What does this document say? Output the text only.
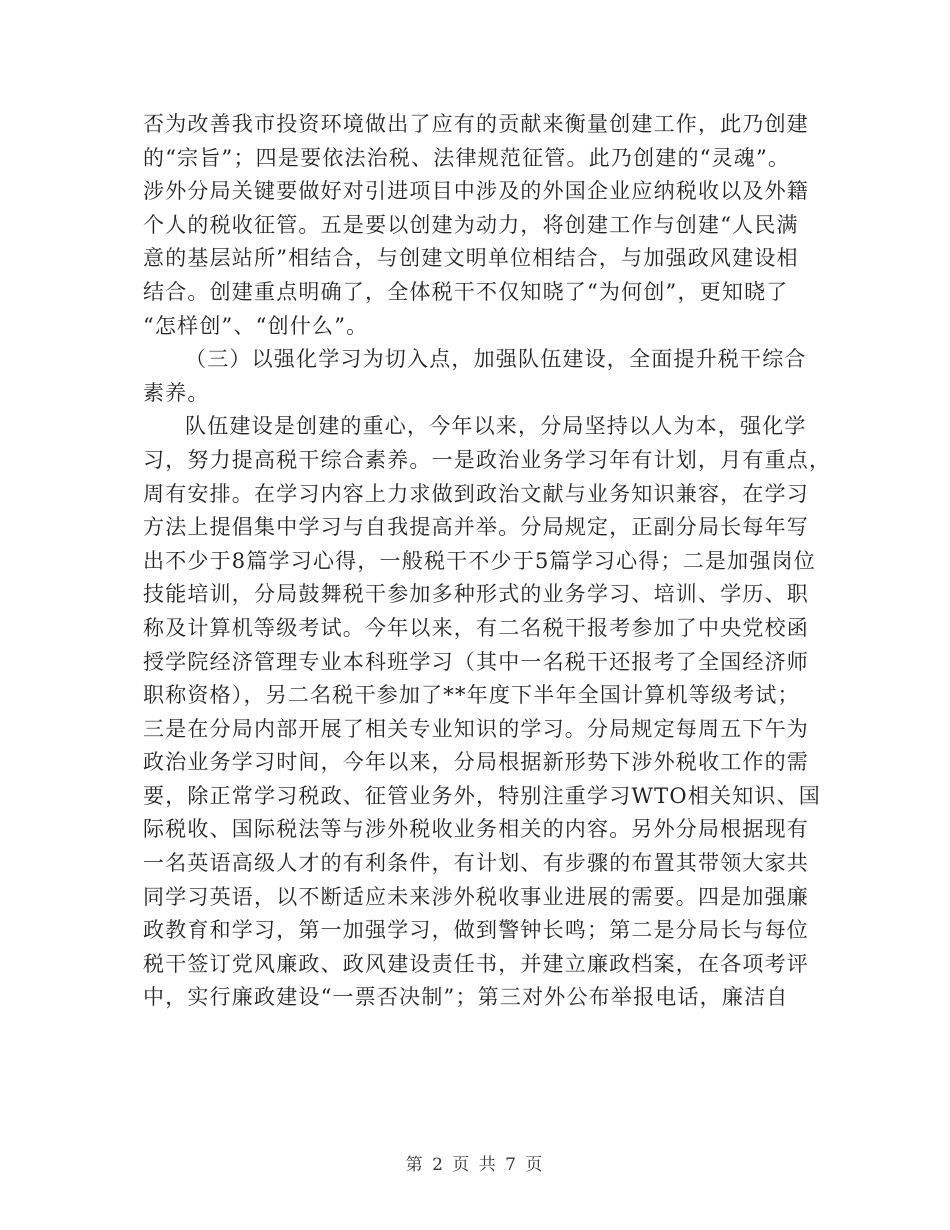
否为改善我市投资环境做出了应有的贡献来衡量创建工作，此乃创建
的“宗旨”；四是要依法治税、法律规范征管。此乃创建的“灵魂”。
涉外分局关键要做好对引进项目中涉及的外国企业应纳税收以及外籍
个人的税收征管。五是要以创建为动力，将创建工作与创建“人民满
意的基层站所”相结合，与创建文明单位相结合，与加强政风建设相
结合。创建重点明确了，全体税干不仅知晓了“为何创”，更知晓了
“怎样创”、“创什么”。
（三）以强化学习为切入点，加强队伍建设，全面提升税干综合
素养。
队伍建设是创建的重心，今年以来，分局坚持以人为本，强化学
习，努力提高税干综合素养。一是政治业务学习年有计划，月有重点，
周有安排。在学习内容上力求做到政治文献与业务知识兼容，在学习
方法上提倡集中学习与自我提高并举。分局规定，正副分局长每年写
出不少于8篇学习心得，一般税干不少于5篇学习心得；二是加强岗位
技能培训，分局鼓舞税干参加多种形式的业务学习、培训、学历、职
称及计算机等级考试。今年以来，有二名税干报考参加了中央党校函
授学院经济管理专业本科班学习（其中一名税干还报考了全国经济师
职称资格），另二名税干参加了**年度下半年全国计算机等级考试；
三是在分局内部开展了相关专业知识的学习。分局规定每周五下午为
政治业务学习时间，今年以来，分局根据新形势下涉外税收工作的需
要，除正常学习税政、征管业务外，特别注重学习WTO相关知识、国
际税收、国际税法等与涉外税收业务相关的内容。另外分局根据现有
一名英语高级人才的有利条件，有计划、有步骤的布置其带领大家共
同学习英语，以不断适应未来涉外税收事业进展的需要。四是加强廉
政教育和学习，第一加强学习，做到警钟长鸣；第二是分局长与每位
税干签订党风廉政、政风建设责任书，并建立廉政档案，在各项考评
中，实行廉政建设“一票否决制”；第三对外公布举报电话，廉洁自
第 2 页 共 7 页
